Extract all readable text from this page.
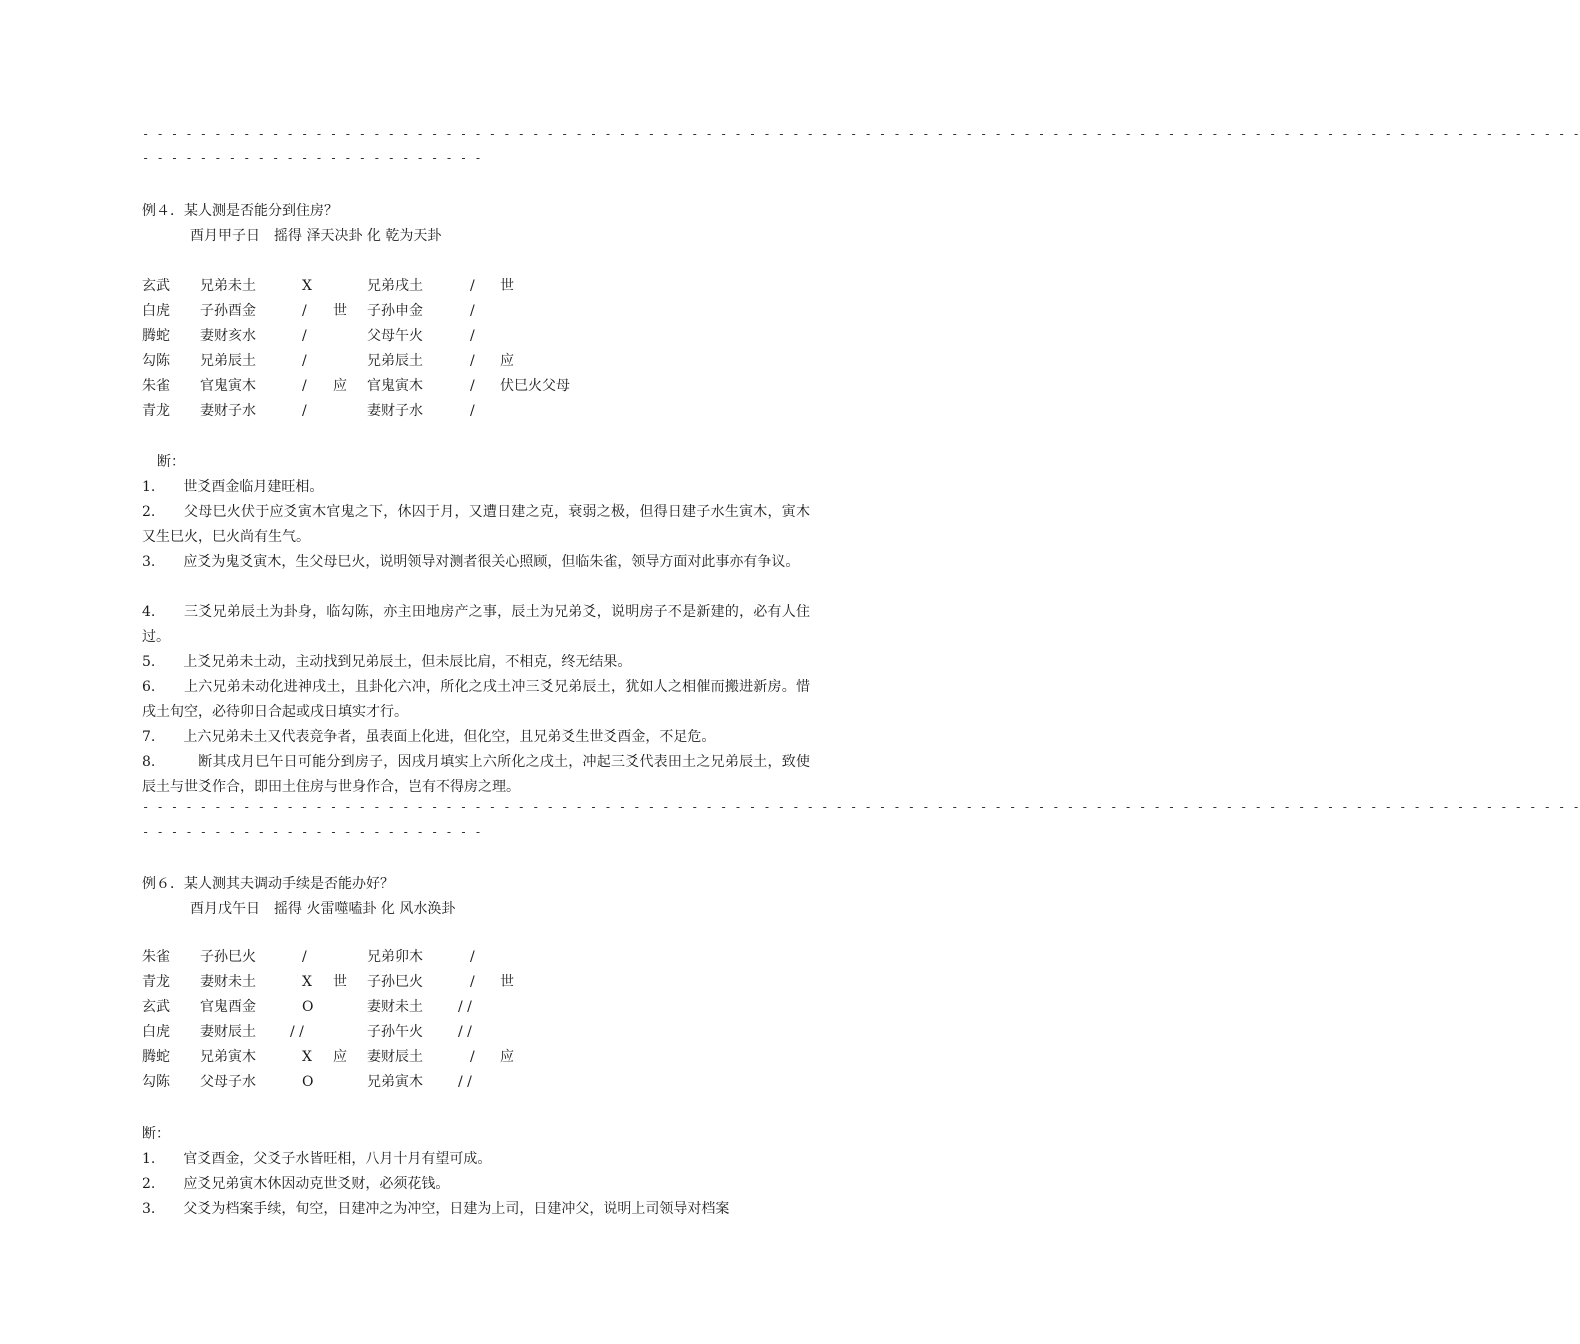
- - - - - - - - - - - - - - - - - - - - - - - - - - - - - - - - - - - - - - - - - - - - - - - - - - - - - - - - - - - - - - - - - - - - - - - - - - - - - - - - - - - - - - - - - - - - - - - - - - - -
- - - - - - - - - - - - - - - - - - - - - - - -
例４．某人测是否能分到住房？
酉月甲子日　摇得 泽天决卦 化 乾为天卦
玄武 兄弟未土	X	兄弟戌土	/ 世
白虎 子孙酉金	/ 世 子孙申金	/
腾蛇 妻财亥水	/	父母午火	/
勾陈 兄弟辰土	/	兄弟辰土	/ 应
朱雀 官鬼寅木	/ 应 官鬼寅木	/ 伏巳火父母
青龙 妻财子水	/	妻财子水	/
断：
1.　　世爻酉金临月建旺相。
2.　　父母巳火伏于应爻寅木官鬼之下，休囚于月，又遭日建之克，衰弱之极，但得日建子水生寅木，寅木又生巳火，巳火尚有生气。
3.　　应爻为鬼爻寅木，生父母巳火，说明领导对测者很关心照顾，但临朱雀，领导方面对此事亦有争议。
4.　　三爻兄弟辰土为卦身，临勾陈，亦主田地房产之事，辰土为兄弟爻，说明房子不是新建的，必有人住过。
5.　　上爻兄弟未土动，主动找到兄弟辰土，但未辰比肩，不相克，终无结果。
6.　　上六兄弟未动化进神戌土，且卦化六冲，所化之戌土冲三爻兄弟辰土，犹如人之相催而搬进新房。惜戌土旬空，必待卯日合起或戌日填实才行。
7.　　上六兄弟未土又代表竞争者，虽表面上化进，但化空，且兄弟爻生世爻酉金，不足危。
8.　　　断其戌月巳午日可能分到房子，因戌月填实上六所化之戌土，冲起三爻代表田土之兄弟辰土，致使辰土与世爻作合，即田土住房与世身作合，岂有不得房之理。
- - - - - - - - - - - - - - - - - - - - - - - - - - - - - - - - - - - - - - - - - - - - - - - - - - - - - - - - - - - - - - - - - - - - - - - - - - - - - - - - - - - - - - - - - - - - - - - - - - - -
- - - - - - - - - - - - - - - - - - - - - - - -
例６．某人测其夫调动手续是否能办好？
酉月戊午日　摇得 火雷噬嗑卦 化 风水涣卦
朱雀 子孙巳火	/	兄弟卯木	/
青龙 妻财未土	X 世 子孙巳火	/ 世
玄武 官鬼酉金	O	妻财未土	/ /
白虎 妻财辰土 / /	子孙午火	/ /
腾蛇 兄弟寅木	X 应 妻财辰土	/ 应
勾陈 父母子水	O	兄弟寅木	/ /
断：
1.　　官爻酉金，父爻子水皆旺相，八月十月有望可成。
2.　　应爻兄弟寅木休因动克世爻财，必须花钱。
3.　　父爻为档案手续，旬空，日建冲之为冲空，日建为上司，日建冲父，说明上司领导对档案
